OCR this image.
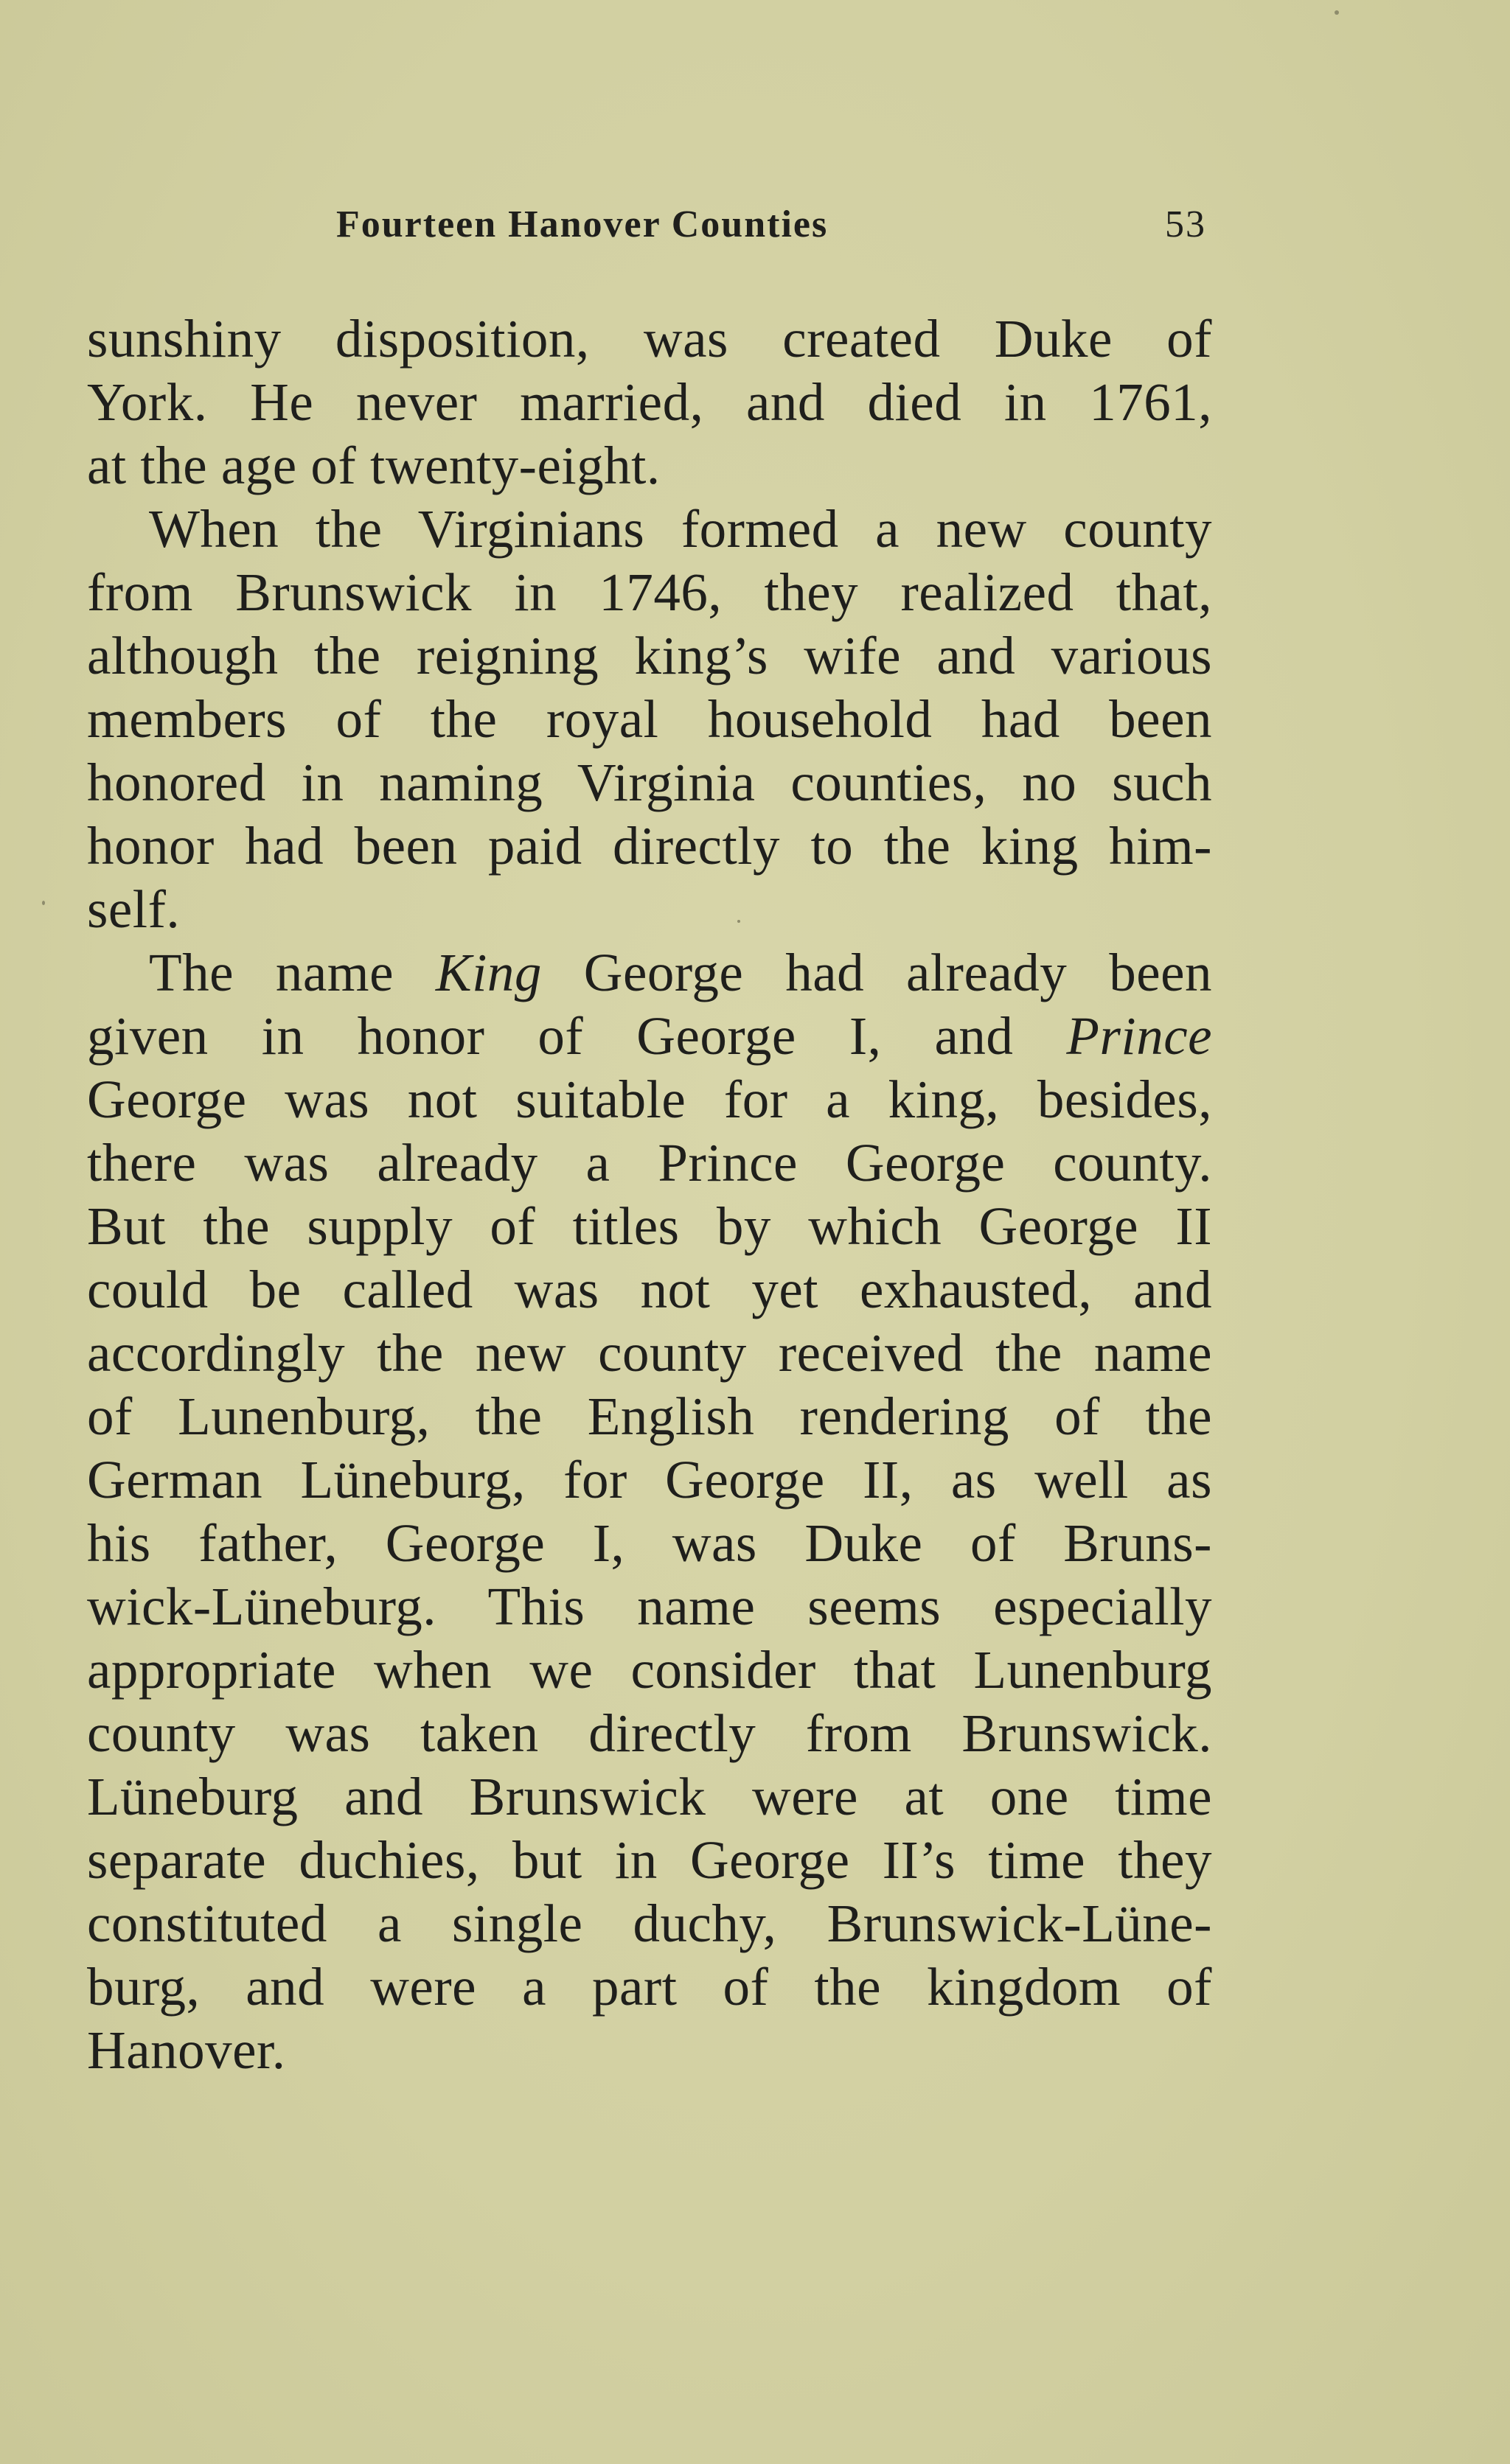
Fourteen Hanover Counties	53
sunshiny disposition, was created Duke of
York. He never married, and died in 1761,
at the age of twenty-eight.
When the Virginians formed a new county
from Brunswick in 1746, they realized that,
although the reigning king’s wife and various
members of the royal household had been
honored in naming Virginia counties, no such
honor had been paid directly to the king him-
self.
The name King George had already been
given in honor of George I, and Prince
George was not suitable for a king, besides,
there was already a Prince George county.
But the supply of titles by which George II
could be called was not yet exhausted, and
accordingly the new county received the name
of Lunenburg, the English rendering of the
German Lüneburg, for George II, as well as
his father, George I, was Duke of Bruns-
wick-Lüneburg. This name seems especially
appropriate when we consider that Lunenburg
county was taken directly from Brunswick.
Lüneburg and Brunswick were at one time
separate duchies, but in George II’s time they
constituted a single duchy, Brunswick-Lüne-
burg, and were a part of the kingdom of
Hanover.
